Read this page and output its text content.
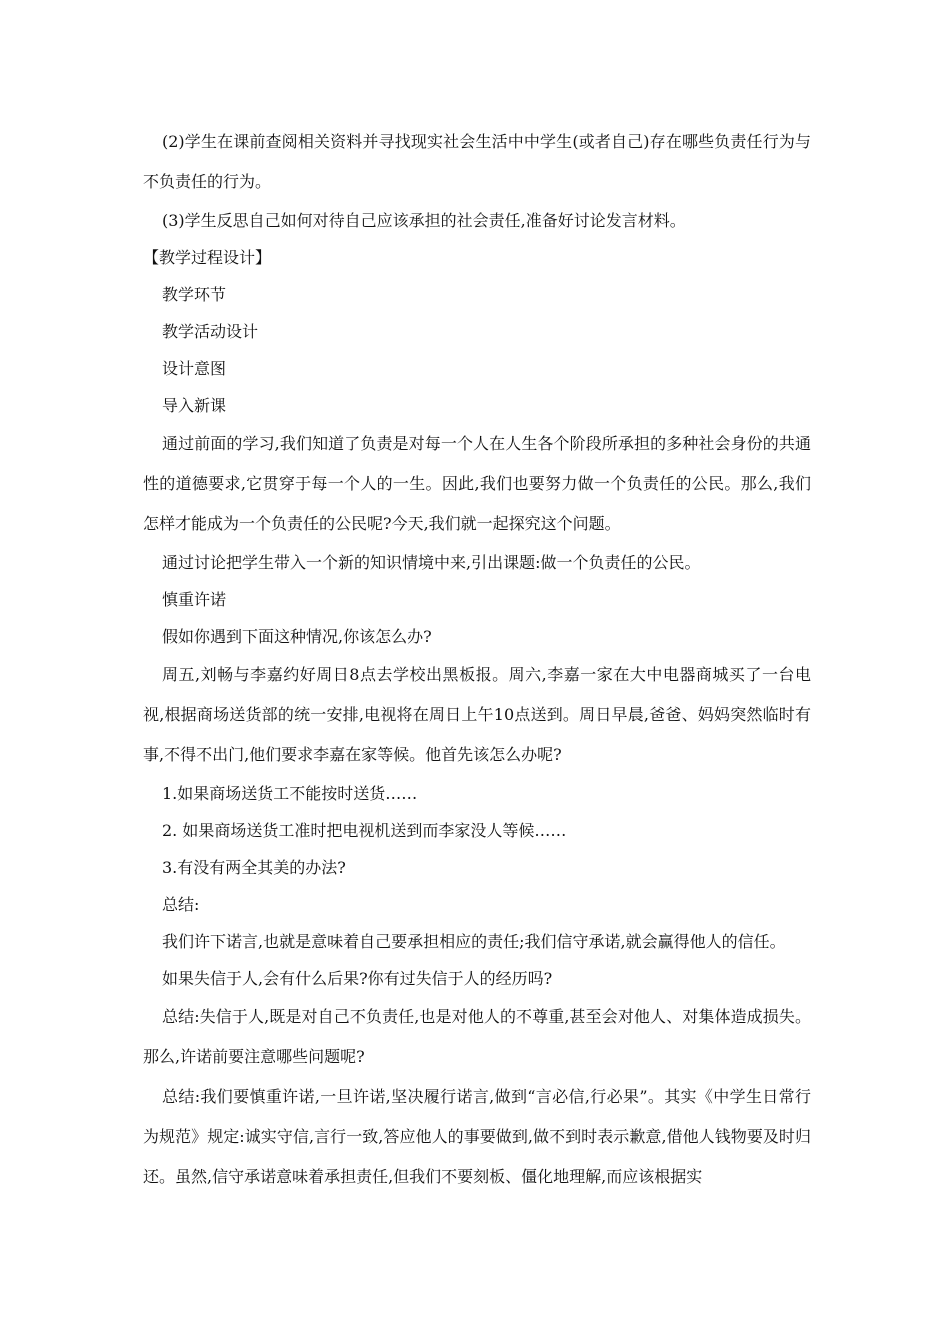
(2)学生在课前查阅相关资料并寻找现实社会生活中中学生(或者自己)存在哪些负责任行为与不负责任的行为。

(3)学生反思自己如何对待自己应该承担的社会责任,准备好讨论发言材料。

【教学过程设计】

教学环节

教学活动设计

设计意图

导入新课

通过前面的学习,我们知道了负责是对每一个人在人生各个阶段所承担的多种社会身份的共通性的道德要求,它贯穿于每一个人的一生。因此,我们也要努力做一个负责任的公民。那么,我们怎样才能成为一个负责任的公民呢?今天,我们就一起探究这个问题。

通过讨论把学生带入一个新的知识情境中来,引出课题:做一个负责任的公民。

慎重许诺

假如你遇到下面这种情况,你该怎么办?

周五,刘畅与李嘉约好周日8点去学校出黑板报。周六,李嘉一家在大中电器商城买了一台电视,根据商场送货部的统一安排,电视将在周日上午10点送到。周日早晨,爸爸、妈妈突然临时有事,不得不出门,他们要求李嘉在家等候。他首先该怎么办呢?

1.如果商场送货工不能按时送货……

2. 如果商场送货工准时把电视机送到而李家没人等候……

3.有没有两全其美的办法?

总结:

我们许下诺言,也就是意味着自己要承担相应的责任;我们信守承诺,就会赢得他人的信任。

如果失信于人,会有什么后果?你有过失信于人的经历吗?

总结:失信于人,既是对自己不负责任,也是对他人的不尊重,甚至会对他人、对集体造成损失。那么,许诺前要注意哪些问题呢?

总结:我们要慎重许诺,一旦许诺,坚决履行诺言,做到“言必信,行必果”。其实《中学生日常行为规范》规定:诚实守信,言行一致,答应他人的事要做到,做不到时表示歉意,借他人钱物要及时归还。虽然,信守承诺意味着承担责任,但我们不要刻板、僵化地理解,而应该根据实
